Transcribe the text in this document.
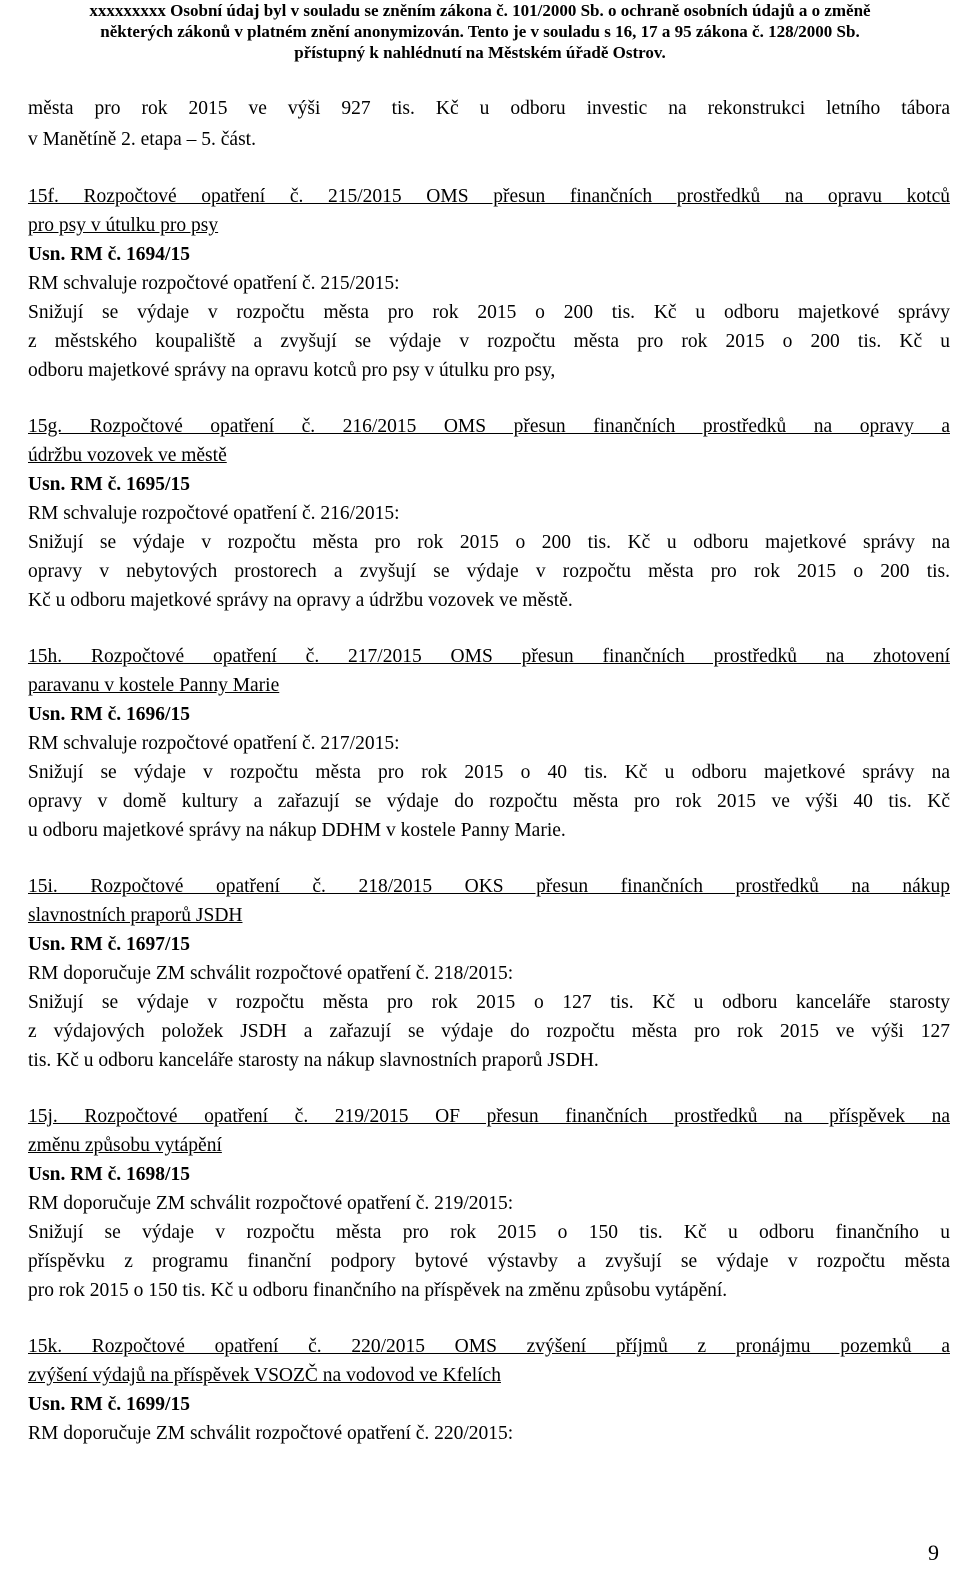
xxxxxxxxx Osobní údaj byl v souladu se zněním zákona č. 101/2000 Sb. o ochraně osobních údajů a o změně
některých zákonů v platném znění anonymizován. Tento je v souladu s 16, 17 a 95 zákona č. 128/2000 Sb.
přístupný k nahlédnutí na Městském úřadě Ostrov.
města pro rok 2015 ve výši 927 tis. Kč u odboru investic na rekonstrukci letního tábora
v Manětíně 2. etapa – 5. část.
15f. Rozpočtové opatření č. 215/2015 OMS přesun finančních prostředků na opravu kotců
pro psy v útulku pro psy
Usn. RM č. 1694/15
RM schvaluje rozpočtové opatření č. 215/2015:
Snižují se výdaje v rozpočtu města pro rok 2015 o 200 tis. Kč u odboru majetkové správy
z městského koupaliště a zvyšují se výdaje v rozpočtu města pro rok 2015 o 200 tis. Kč u
odboru majetkové správy na opravu kotců pro psy v útulku pro psy,
15g. Rozpočtové opatření č. 216/2015 OMS přesun finančních prostředků na opravy a
údržbu vozovek ve městě
Usn. RM č. 1695/15
RM schvaluje rozpočtové opatření č. 216/2015:
Snižují se výdaje v rozpočtu města pro rok 2015 o 200 tis. Kč u odboru majetkové správy na
opravy v nebytových prostorech a zvyšují se výdaje v rozpočtu města pro rok 2015 o 200 tis.
Kč u odboru majetkové správy na opravy a údržbu vozovek ve městě.
15h. Rozpočtové opatření č. 217/2015 OMS přesun finančních prostředků na zhotovení
paravanu v kostele Panny Marie
Usn. RM č. 1696/15
RM schvaluje rozpočtové opatření č. 217/2015:
Snižují se výdaje v rozpočtu města pro rok 2015 o 40 tis. Kč u odboru majetkové správy na
opravy v domě kultury a zařazují se výdaje do rozpočtu města pro rok 2015 ve výši 40 tis. Kč
u odboru majetkové správy na nákup DDHM v kostele Panny Marie.
15i. Rozpočtové opatření č. 218/2015 OKS přesun finančních prostředků na nákup
slavnostních praporů JSDH
Usn. RM č. 1697/15
RM doporučuje ZM schválit rozpočtové opatření č. 218/2015:
Snižují se výdaje v rozpočtu města pro rok 2015 o 127 tis. Kč u odboru kanceláře starosty
z výdajových položek JSDH a zařazují se výdaje do rozpočtu města pro rok 2015 ve výši 127
tis. Kč u odboru kanceláře starosty na nákup slavnostních praporů JSDH.
15j. Rozpočtové opatření č. 219/2015 OF přesun finančních prostředků na příspěvek na
změnu způsobu vytápění
Usn. RM č. 1698/15
RM doporučuje ZM schválit rozpočtové opatření č. 219/2015:
Snižují se výdaje v rozpočtu města pro rok 2015 o 150 tis. Kč u odboru finančního u
příspěvku z programu finanční podpory bytové výstavby a zvyšují se výdaje v rozpočtu města
pro rok 2015 o 150 tis. Kč u odboru finančního na příspěvek na změnu způsobu vytápění.
15k. Rozpočtové opatření č. 220/2015 OMS zvýšení příjmů z pronájmu pozemků a
zvýšení výdajů na příspěvek VSOZČ na vodovod ve Kfelích
Usn. RM č. 1699/15
RM doporučuje ZM schválit rozpočtové opatření č. 220/2015:
9
